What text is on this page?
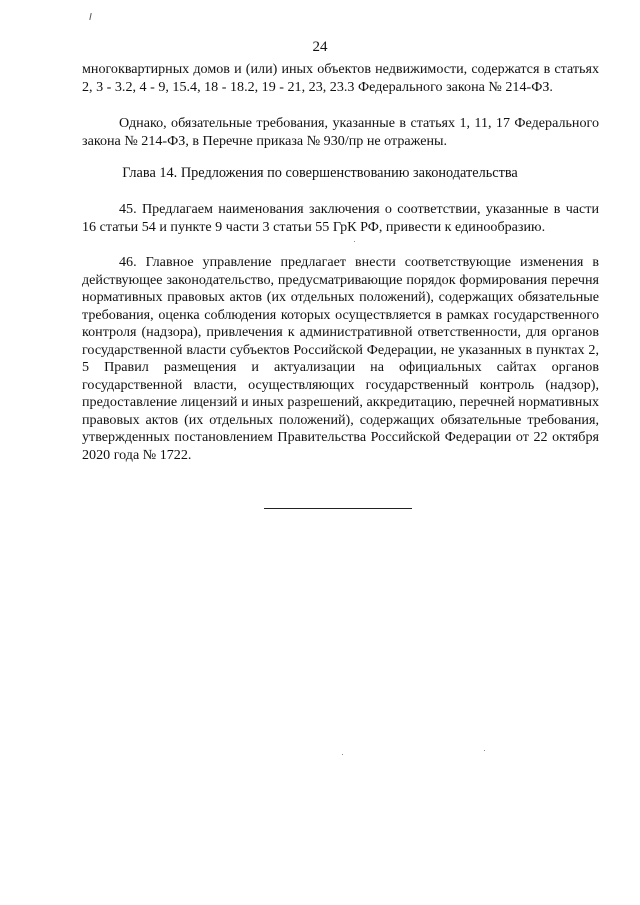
24

многоквартирных домов и (или) иных объектов недвижимости, содержатся в статьях 2, 3 - 3.2, 4 - 9, 15.4, 18 - 18.2, 19 - 21, 23, 23.3 Федерального закона № 214-ФЗ.

Однако, обязательные требования, указанные в статьях 1, 11, 17 Федерального закона № 214-ФЗ, в Перечне приказа № 930/пр не отражены.

Глава 14. Предложения по совершенствованию законодательства

45. Предлагаем наименования заключения о соответствии, указанные в части 16 статьи 54 и пункте 9 части 3 статьи 55 ГрК РФ, привести к единообразию.

46. Главное управление предлагает внести соответствующие изменения в действующее законодательство, предусматривающие порядок формирования перечня нормативных правовых актов (их отдельных положений), содержащих обязательные требования, оценка соблюдения которых осуществляется в рамках государственного контроля (надзора), привлечения к административной ответственности, для органов государственной власти субъектов Российской Федерации, не указанных в пунктах 2, 5 Правил размещения и актуализации на официальных сайтах органов государственной власти, осуществляющих государственный контроль (надзор), предоставление лицензий и иных разрешений, аккредитацию, перечней нормативных правовых актов (их отдельных положений), содержащих обязательные требования, утвержденных постановлением Правительства Российской Федерации от 22 октября 2020 года № 1722.
